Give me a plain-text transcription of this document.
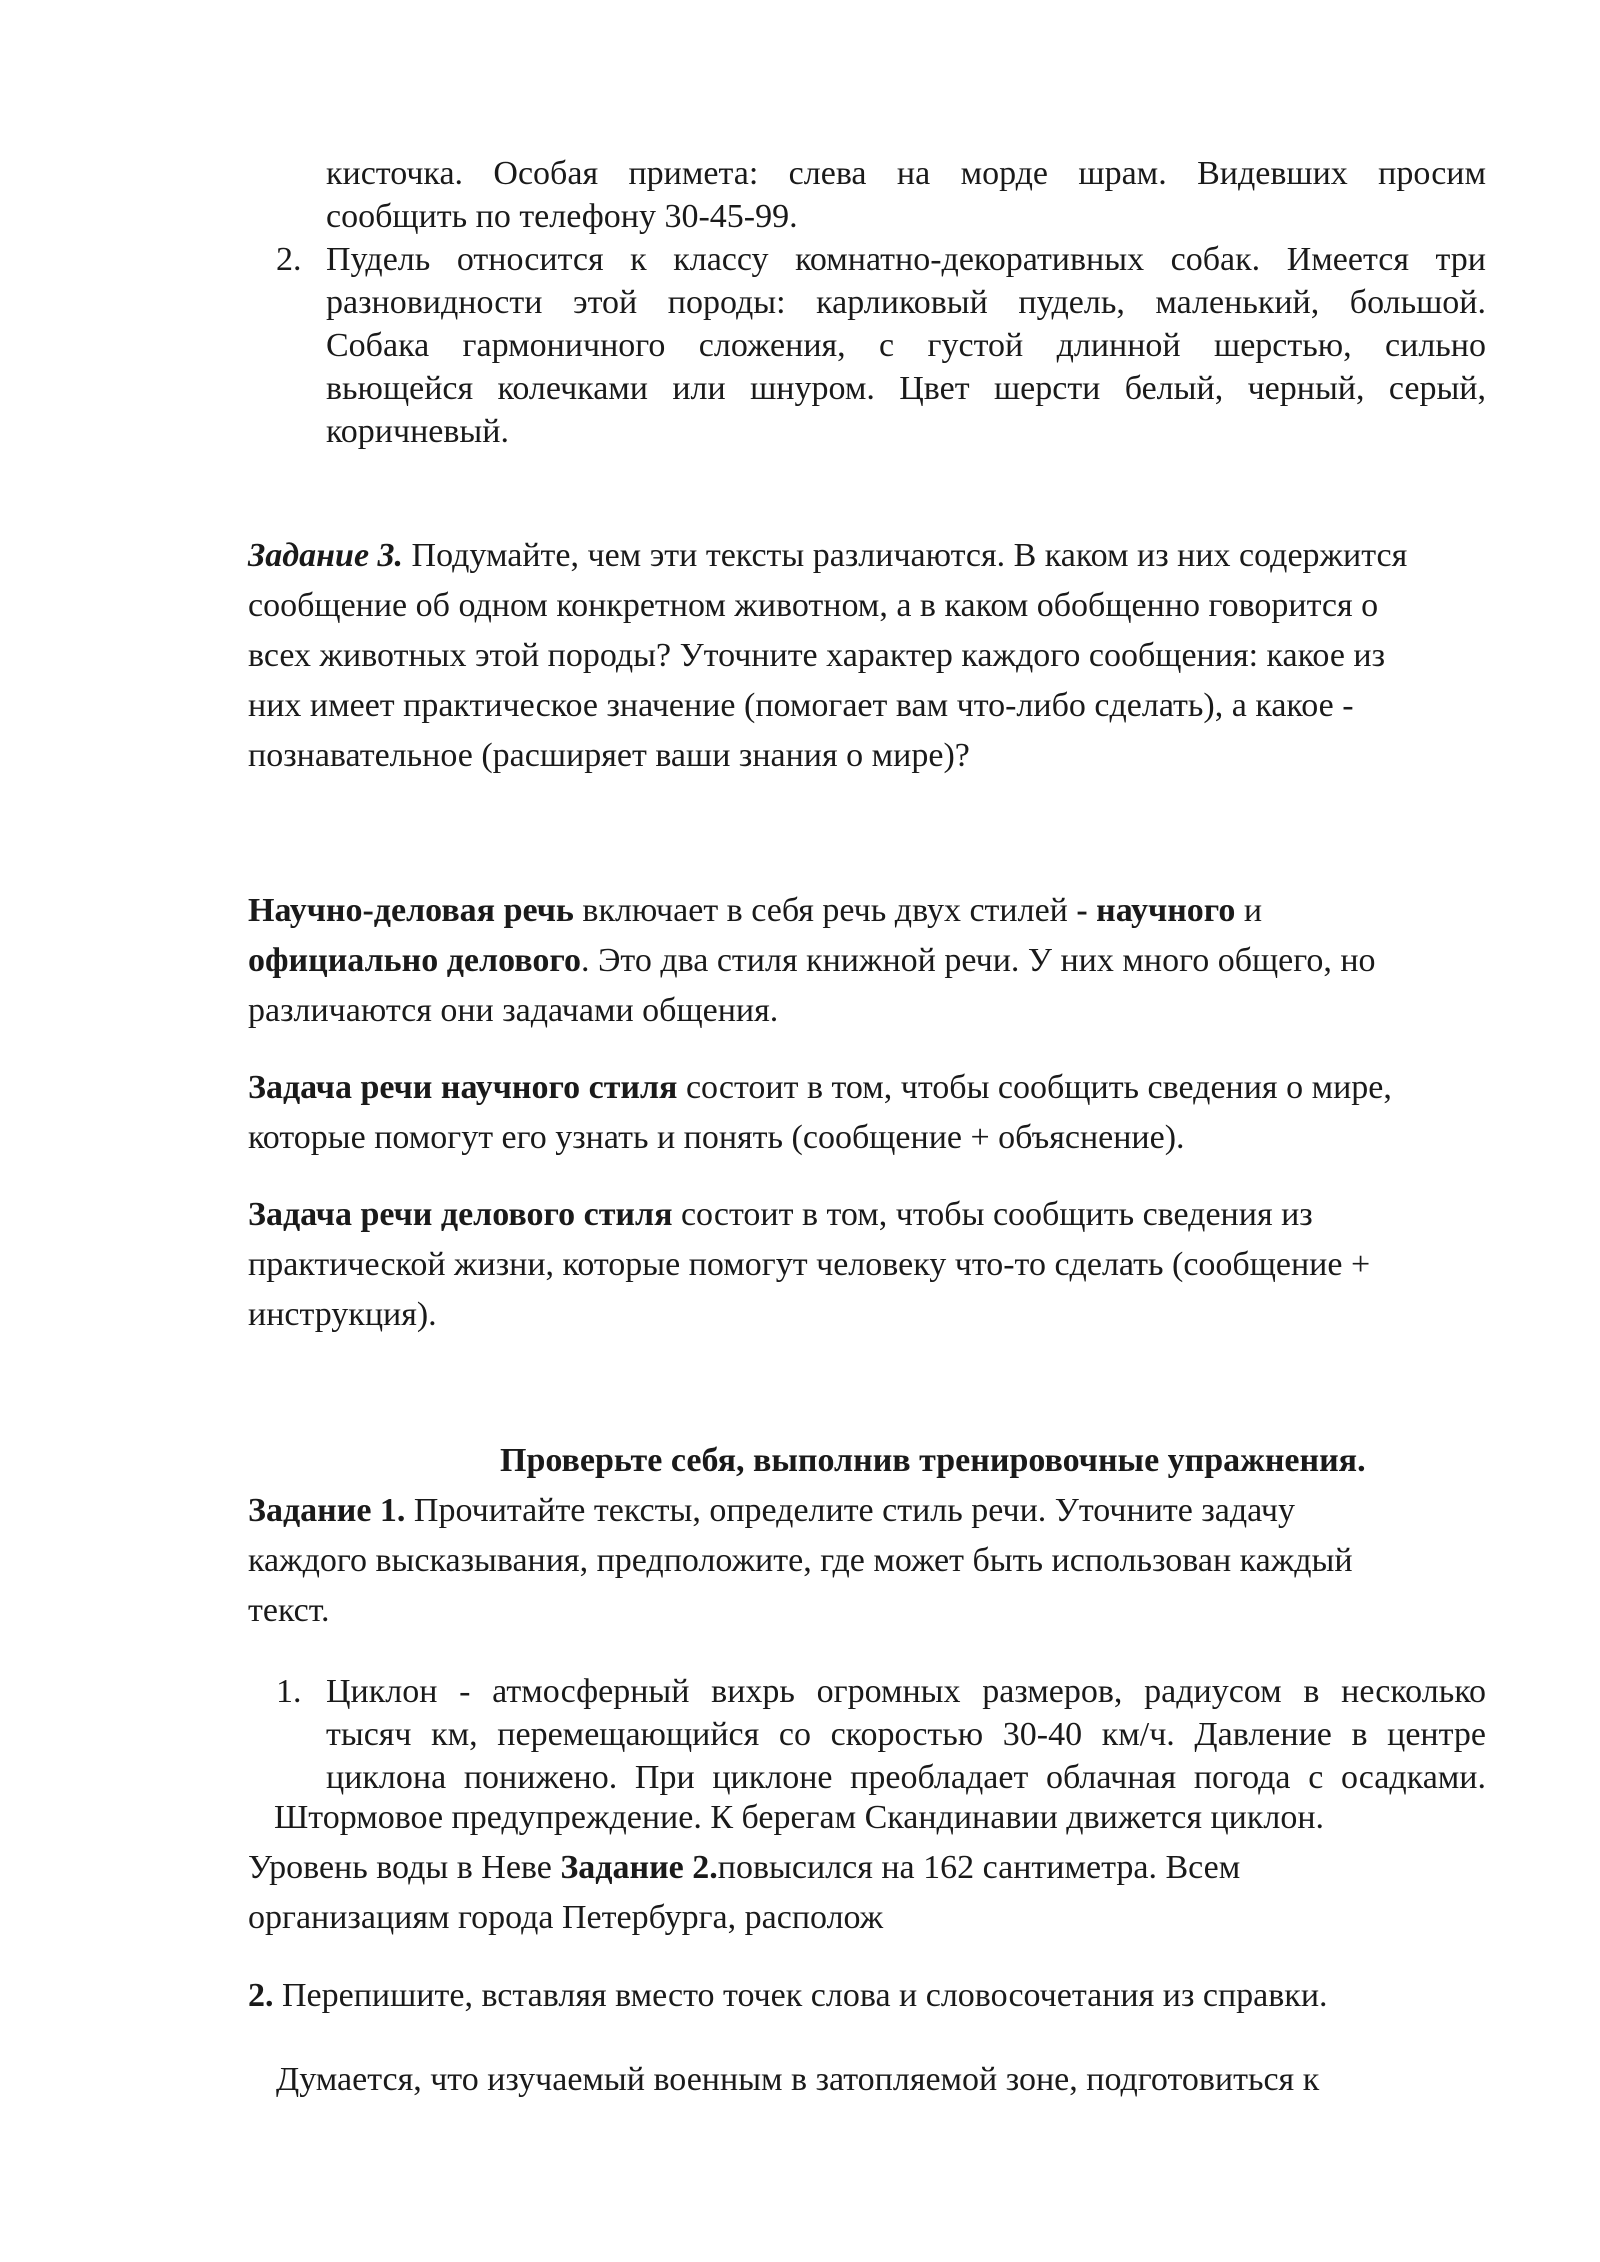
кисточка. Особая примета: слева на морде шрам. Видевших просим
сообщить по телефону 30-45-99.
2. Пудель относится к классу комнатно-декоративных собак. Имеется три
разновидности этой породы: карликовый пудель, маленький, большой.
Собака гармоничного сложения, с густой длинной шерстью, сильно
вьющейся колечками или шнуром. Цвет шерсти белый, черный, серый,
коричневый.
Задание 3. Подумайте, чем эти тексты различаются. В каком из них содержится
сообщение об одном конкретном животном, а в каком обобщенно говорится о
всех животных этой породы? Уточните характер каждого сообщения: какое из
них имеет практическое значение (помогает вам что-либо сделать), а какое -
познавательное (расширяет ваши знания о мире)?
Научно-деловая речь включает в себя речь двух стилей - научного и
официально делового. Это два стиля книжной речи. У них много общего, но
различаются они задачами общения.
Задача речи научного стиля состоит в том, чтобы сообщить сведения о мире,
которые помогут его узнать и понять (сообщение + объяснение).
Задача речи делового стиля состоит в том, чтобы сообщить сведения из
практической жизни, которые помогут человеку что-то сделать (сообщение +
инструкция).
Проверьте себя, выполнив тренировочные упражнения.
Задание 1. Прочитайте тексты, определите стиль речи. Уточните задачу
каждого высказывания, предположите, где может быть использован каждый
текст.
1. Циклон - атмосферный вихрь огромных размеров, радиусом в несколько
тысяч км, перемещающийся со скоростью 30-40 км/ч. Давление в центре
циклона понижено. При циклоне преобладает облачная погода с осадками.
Штормовое предупреждение. К берегам Скандинавии движется циклон.
Уровень воды в Неве Задание 2.повысился на 162 сантиметра. Всем
организациям города Петербурга, располож
2. Перепишите, вставляя вместо точек слова и словосочетания из справки.
Думается, что изучаемый военным в затопляемой зоне, подготовиться к
